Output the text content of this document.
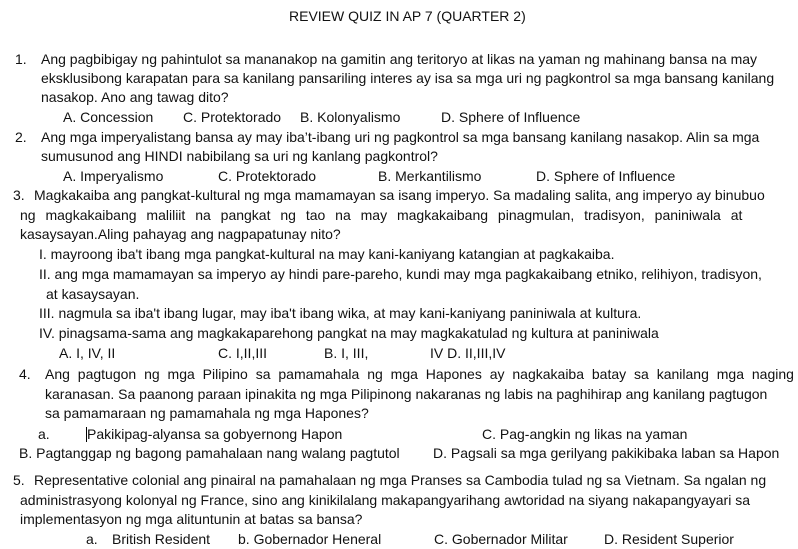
REVIEW QUIZ IN AP 7 (QUARTER 2)
1. Ang pagbibigay ng pahintulot sa mananakop na gamitin ang teritoryo at likas na yaman ng mahinang bansa na may
eksklusibong karapatan para sa kanilang pansariling interes ay isa sa mga uri ng pagkontrol sa mga bansang kanilang
nasakop. Ano ang tawag dito?
A. Concession C. Protektorado B. Kolonyalismo	D. Sphere of Influence
2. Ang mga imperyalistang bansa ay may iba’t-ibang uri ng pagkontrol sa mga bansang kanilang nasakop. Alin sa mga
sumusunod ang HINDI nabibilang sa uri ng kanlang pagkontrol?
A. Imperyalismo	C. Protektorado	B. Merkantilismo	D. Sphere of Influence
3. Magkakaiba ang pangkat-kultural ng mga mamamayan sa isang imperyo. Sa madaling salita, ang imperyo ay binubuo
ng magkakaibang maliliit na pangkat ng tao na may magkakaibang pinagmulan, tradisyon, paniniwala at
kasaysayan.Aling pahayag ang nagpapatunay nito?
I. mayroong iba't ibang mga pangkat-kultural na may kani-kaniyang katangian at pagkakaiba.
II. ang mga mamamayan sa imperyo ay hindi pare-pareho, kundi may mga pagkakaibang etniko, relihiyon, tradisyon,
at kasaysayan.
III. nagmula sa iba't ibang lugar, may iba't ibang wika, at may kani-kaniyang paniniwala at kultura.
IV. pinagsama-sama ang magkakaparehong pangkat na may magkakatulad ng kultura at paniniwala
A. I, IV, II	C. I,II,III	B. I, III,	IV D. II,III,IV
4. Ang pagtugon ng mga Pilipino sa pamamahala ng mga Hapones ay nagkakaiba batay sa kanilang mga naging
karanasan. Sa paanong paraan ipinakita ng mga Pilipinong nakaranas ng labis na paghihirap ang kanilang pagtugon
sa pamamaraan ng pamamahala ng mga Hapones?
a.	Pakikipag-alyansa sa gobyernong Hapon	C. Pag-angkin ng likas na yaman
B. Pagtanggap ng bagong pamahalaan nang walang pagtutol D. Pagsali sa mga gerilyang pakikibaka laban sa Hapon
5. Representative colonial ang pinairal na pamahalaan ng mga Pranses sa Cambodia tulad ng sa Vietnam. Sa ngalan ng
administrasyong kolonyal ng France, sino ang kinikilalang makapangyarihang awtoridad na siyang nakapangyayari sa
implementasyon ng mga alituntunin at batas sa bansa?
a. British Resident b. Gobernador Heneral	C. Gobernador Militar	D. Resident Superior
